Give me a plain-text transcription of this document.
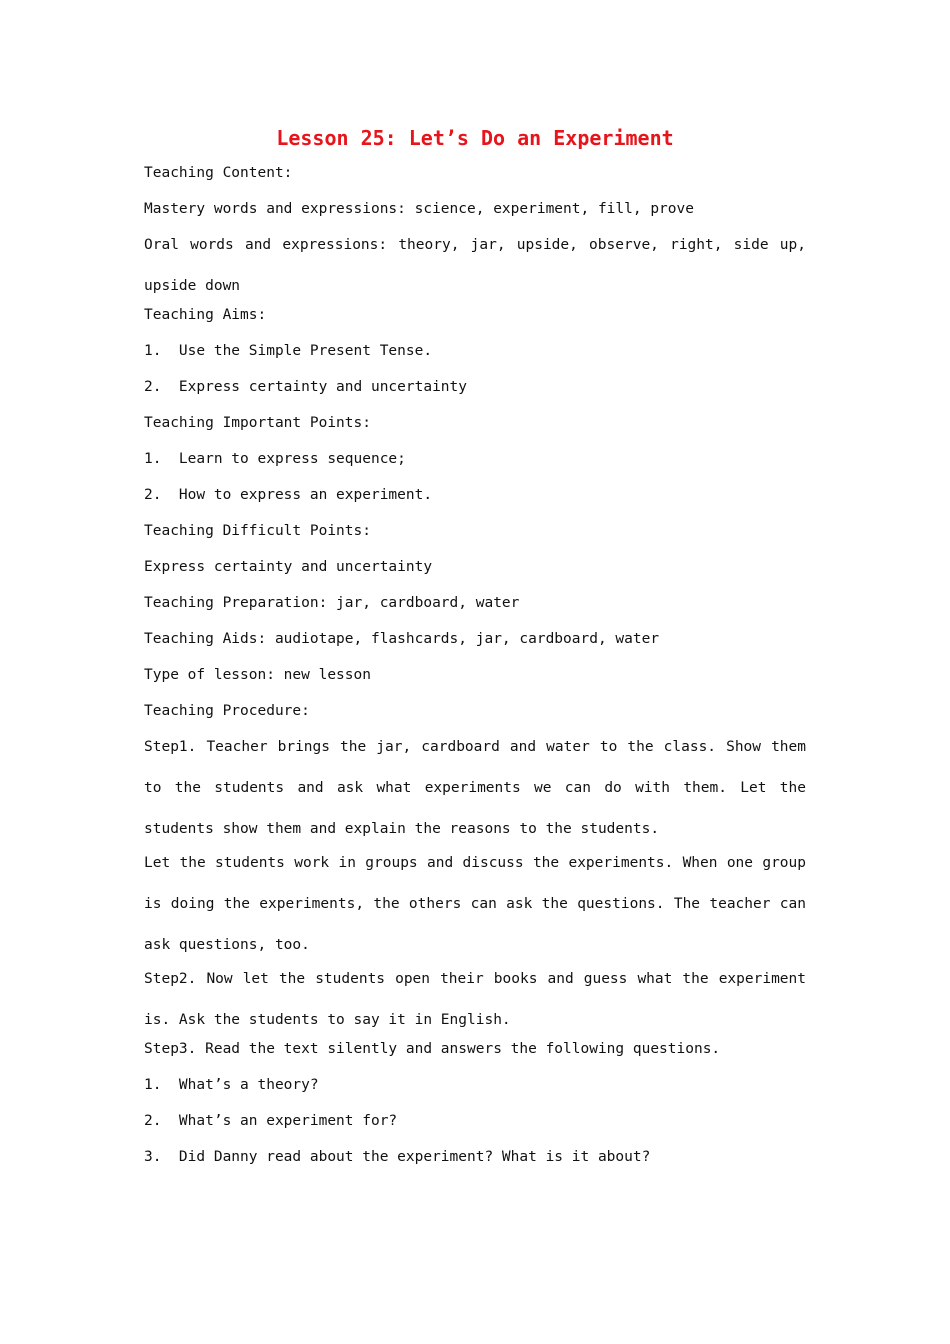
Lesson 25: Let’s Do an Experiment
Teaching Content:
Mastery words and expressions: science, experiment, fill, prove

Oral words and expressions: theory, jar, upside, observe, right, side up, upside down

Teaching Aims:
1.  Use the Simple Present Tense.
2.  Express certainty and uncertainty
Teaching Important Points:
1.  Learn to express sequence;
2.  How to express an experiment.
Teaching Difficult Points:
Express certainty and uncertainty
Teaching Preparation: jar, cardboard, water
Teaching Aids: audiotape, flashcards, jar, cardboard, water
Type of lesson: new lesson
Teaching Procedure:

Step1. Teacher brings the jar, cardboard and water to the class. Show them to the students and ask what experiments we can do with them. Let the students show them and explain the reasons to the students.

Let the students work in groups and discuss the experiments. When one group is doing the experiments, the others can ask the questions. The teacher can ask questions, too.

Step2. Now let the students open their books and guess what the experiment is. Ask the students to say it in English.

Step3. Read the text silently and answers the following questions.
1.  What’s a theory?
2.  What’s an experiment for?
3.  Did Danny read about the experiment? What is it about?
